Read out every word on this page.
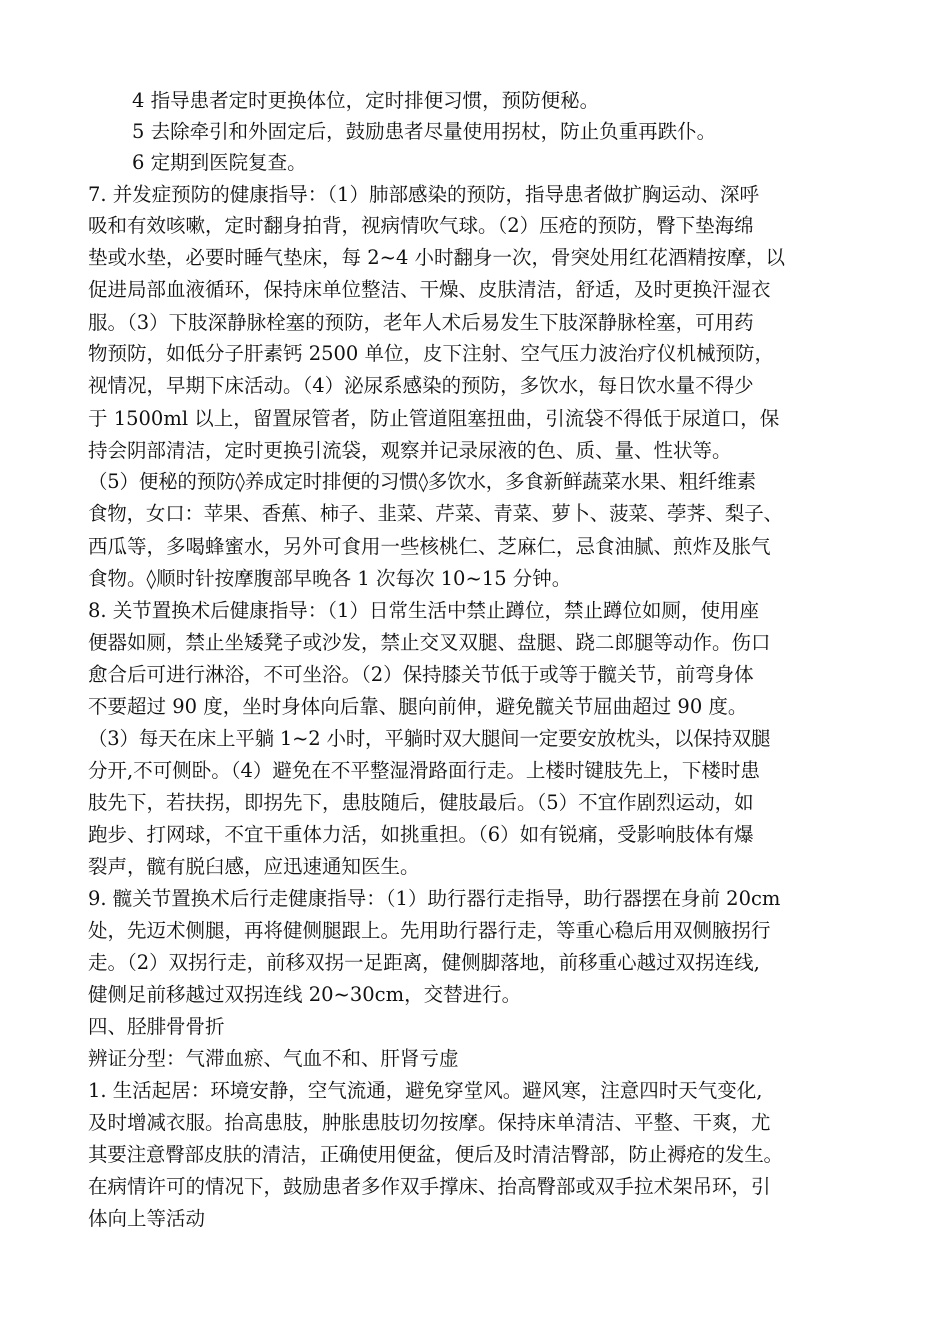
4 指导患者定时更换体位，定时排便习惯，预防便秘。
5 去除牵引和外固定后，鼓励患者尽量使用拐杖，防止负重再跌仆。
6 定期到医院复查。
7. 并发症预防的健康指导：（1）肺部感染的预防，指导患者做扩胸运动、深呼
吸和有效咳嗽，定时翻身拍背，视病情吹气球。（2）压疮的预防，臀下垫海绵
垫或水垫，必要时睡气垫床，每 2~4 小时翻身一次，骨突处用红花酒精按摩，以
促进局部血液循环，保持床单位整洁、干燥、皮肤清洁，舒适，及时更换汗湿衣
服。（3）下肢深静脉栓塞的预防，老年人术后易发生下肢深静脉栓塞，可用药
物预防，如低分子肝素钙 2500 单位，皮下注射、空气压力波治疗仪机械预防，
视情况，早期下床活动。（4）泌尿系感染的预防，多饮水，每日饮水量不得少
于 1500ml 以上，留置尿管者，防止管道阻塞扭曲，引流袋不得低于尿道口，保
持会阴部清洁，定时更换引流袋，观察并记录尿液的色、质、量、性状等。
（5）便秘的预防◊养成定时排便的习惯◊多饮水，多食新鲜蔬菜水果、粗纤维素
食物，女口：苹果、香蕉、柿子、韭菜、芹菜、青菜、萝卜、菠菜、荸荠、梨子、
西瓜等，多喝蜂蜜水，另外可食用一些核桃仁、芝麻仁，忌食油腻、煎炸及胀气
食物。◊顺时针按摩腹部早晚各 1 次每次 10~15 分钟。
8. 关节置换术后健康指导：（1）日常生活中禁止蹲位，禁止蹲位如厕，使用座
便器如厕，禁止坐矮凳子或沙发，禁止交叉双腿、盘腿、跷二郎腿等动作。伤口
愈合后可进行淋浴，不可坐浴。（2）保持膝关节低于或等于髋关节，前弯身体
不要超过 90 度，坐时身体向后靠、腿向前伸，避免髋关节屈曲超过 90 度。
（3）每天在床上平躺 1~2 小时，平躺时双大腿间一定要安放枕头，以保持双腿
分开,不可侧卧。（4）避免在不平整湿滑路面行走。上楼时键肢先上，下楼时患
肢先下，若扶拐，即拐先下，患肢随后，健肢最后。（5）不宜作剧烈运动，如
跑步、打网球，不宜干重体力活，如挑重担。（6）如有锐痛，受影响肢体有爆
裂声，髋有脱臼感，应迅速通知医生。
9. 髋关节置换术后行走健康指导：（1）助行器行走指导，助行器摆在身前 20cm
处，先迈术侧腿，再将健侧腿跟上。先用助行器行走，等重心稳后用双侧腋拐行
走。（2）双拐行走，前移双拐一足距离，健侧脚落地，前移重心越过双拐连线,
健侧足前移越过双拐连线 20~30cm，交替进行。
四、胫腓骨骨折
辨证分型：气滞血瘀、气血不和、肝肾亏虚
1. 生活起居：环境安静，空气流通，避免穿堂风。避风寒，注意四时天气变化,
及时增减衣服。抬高患肢，肿胀患肢切勿按摩。保持床单清洁、平整、干爽，尤
其要注意臀部皮肤的清洁，正确使用便盆，便后及时清洁臀部，防止褥疮的发生。
在病情许可的情况下，鼓励患者多作双手撑床、抬高臀部或双手拉术架吊环，引
体向上等活动
